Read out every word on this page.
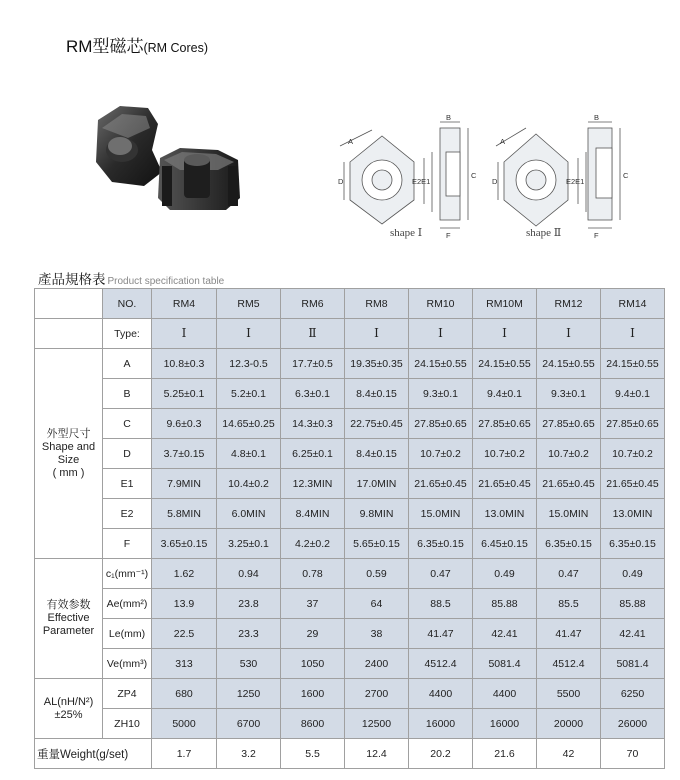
RM型磁芯(RM Cores)
A
D	E2E1
B
C
F
shape Ⅰ
A
D	E2E1
B
C
F
shape Ⅱ
產品規格表 Product specification table
	NO.	RM4	RM5	RM6	RM8	RM10	RM10M	RM12	RM14
	Type:	Ⅰ	Ⅰ	Ⅱ	Ⅰ	Ⅰ	Ⅰ	Ⅰ	Ⅰ

外型尺寸
Shape and
Size
( mm )	A	10.8±0.3	12.3-0.5	17.7±0.5	19.35±0.35	24.15±0.55	24.15±0.55	24.15±0.55	24.15±0.55
	B	5.25±0.1	5.2±0.1	6.3±0.1	8.4±0.15	9.3±0.1	9.4±0.1	9.3±0.1	9.4±0.1
	C	9.6±0.3	14.65±0.25	14.3±0.3	22.75±0.45	27.85±0.65	27.85±0.65	27.85±0.65	27.85±0.65
	D	3.7±0.15	4.8±0.1	6.25±0.1	8.4±0.15	10.7±0.2	10.7±0.2	10.7±0.2	10.7±0.2
	E1	7.9MIN	10.4±0.2	12.3MIN	17.0MIN	21.65±0.45	21.65±0.45	21.65±0.45	21.65±0.45
	E2	5.8MIN	6.0MIN	8.4MIN	9.8MIN	15.0MIN	13.0MIN	15.0MIN	13.0MIN
	F	3.65±0.15	3.25±0.1	4.2±0.2	5.65±0.15	6.35±0.15	6.45±0.15	6.35±0.15	6.35±0.15

有效参数
Effective
Parameter	c₁(mm⁻¹)	1.62	0.94	0.78	0.59	0.47	0.49	0.47	0.49
	Ae(mm²)	13.9	23.8	37	64	88.5	85.88	85.5	85.88
	Le(mm)	22.5	23.3	29	38	41.47	42.41	41.47	42.41
	Ve(mm³)	313	530	1050	2400	4512.4	5081.4	4512.4	5081.4

AL(nH/N²)
±25%	ZP4	680	1250	1600	2700	4400	4400	5500	6250
	ZH10	5000	6700	8600	12500	16000	16000	20000	26000
重量Weight(g/set)		1.7	3.2	5.5	12.4	20.2	21.6	42	70
